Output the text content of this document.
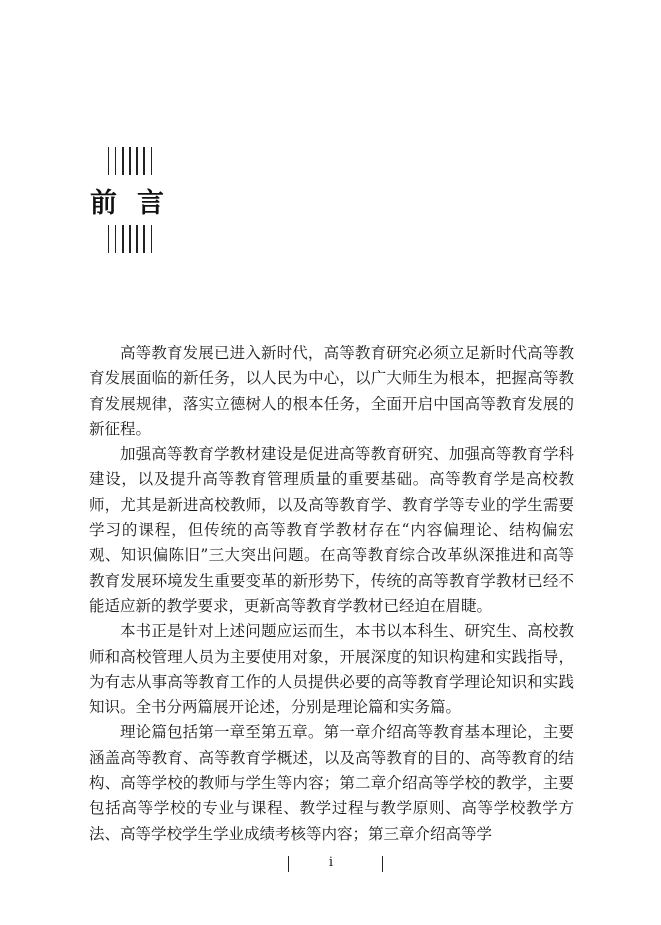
前 言

高等教育发展已进入新时代，高等教育研究必须立足新时代高等教育发展面临的新任务，以人民为中心，以广大师生为根本，把握高等教育发展规律，落实立德树人的根本任务，全面开启中国高等教育发展的新征程。

加强高等教育学教材建设是促进高等教育研究、加强高等教育学科建设，以及提升高等教育管理质量的重要基础。高等教育学是高校教师，尤其是新进高校教师，以及高等教育学、教育学等专业的学生需要学习的课程，但传统的高等教育学教材存在“内容偏理论、结构偏宏观、知识偏陈旧”三大突出问题。在高等教育综合改革纵深推进和高等教育发展环境发生重要变革的新形势下，传统的高等教育学教材已经不能适应新的教学要求，更新高等教育学教材已经迫在眉睫。

本书正是针对上述问题应运而生，本书以本科生、研究生、高校教师和高校管理人员为主要使用对象，开展深度的知识构建和实践指导，为有志从事高等教育工作的人员提供必要的高等教育学理论知识和实践知识。全书分两篇展开论述，分别是理论篇和实务篇。

理论篇包括第一章至第五章。第一章介绍高等教育基本理论，主要涵盖高等教育、高等教育学概述，以及高等教育的目的、高等教育的结构、高等学校的教师与学生等内容；第二章介绍高等学校的教学，主要包括高等学校的专业与课程、教学过程与教学原则、高等学校教学方法、高等学校学生学业成绩考核等内容；第三章介绍高等学

i
